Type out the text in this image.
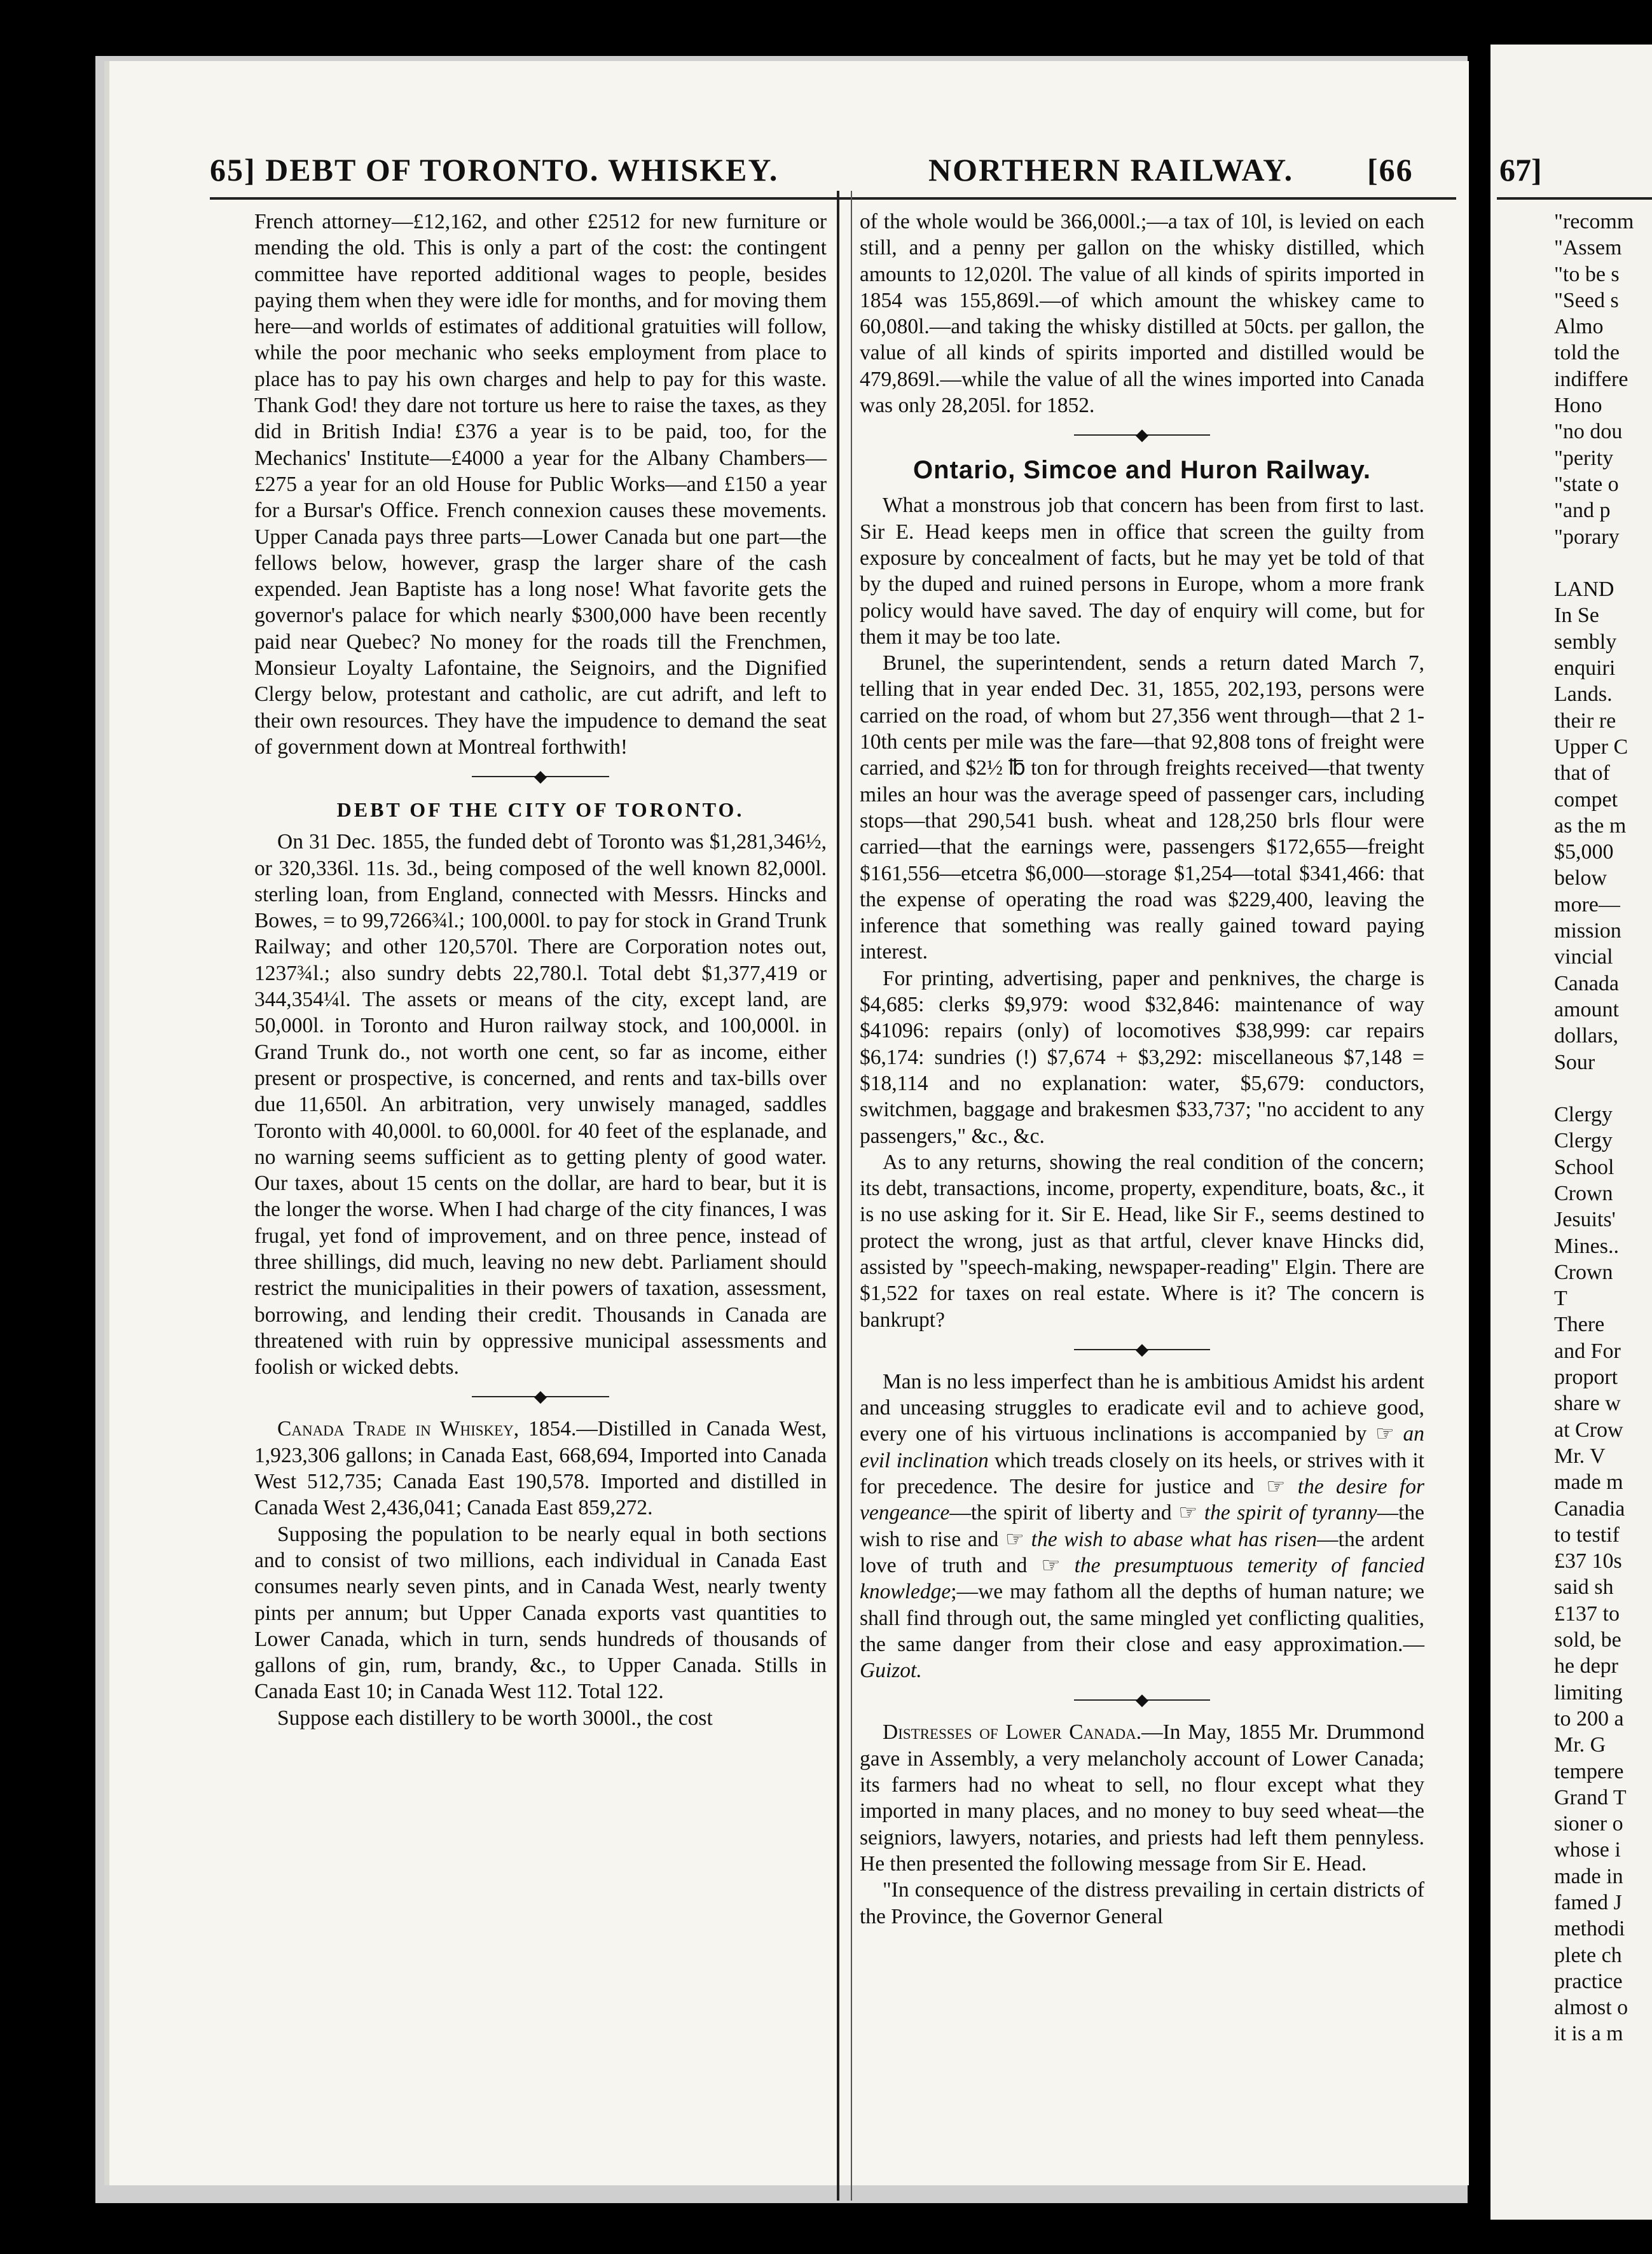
65] DEBT OF TORONTO. WHISKEY.	NORTHERN RAILWAY. [66

French attorney—£12,162, and other £2512 for new furniture or mending the old. This is only a part of the cost: the contingent committee have reported additional wages to people, besides paying them when they were idle for months, and for moving them here—and worlds of estimates of additional gratuities will follow, while the poor mechanic who seeks employment from place to place has to pay his own charges and help to pay for this waste. Thank God! they dare not torture us here to raise the taxes, as they did in British India! £376 a year is to be paid, too, for the Mechanics' Institute—£4000 a year for the Albany Chambers—£275 a year for an old House for Public Works—and £150 a year for a Bursar's Office. French connexion causes these movements. Upper Canada pays three parts—Lower Canada but one part—the fellows below, however, grasp the larger share of the cash expended. Jean Baptiste has a long nose! What favorite gets the governor's palace for which nearly $300,000 have been recently paid near Quebec? No money for the roads till the Frenchmen, Monsieur Loyalty Lafontaine, the Seignoirs, and the Dignified Clergy below, protestant and catholic, are cut adrift, and left to their own resources. They have the impudence to demand the seat of government down at Montreal forthwith!

◆
DEBT OF THE CITY OF TORONTO.

On 31 Dec. 1855, the funded debt of Toronto was $1,281,346½, or 320,336l. 11s. 3d., being composed of the well known 82,000l. sterling loan, from England, connected with Messrs. Hincks and Bowes, = to 99,7266¾l.; 100,000l. to pay for stock in Grand Trunk Railway; and other 120,570l. There are Corporation notes out, 1237¾l.; also sundry debts 22,780.l. Total debt $1,377,419 or 344,354¼l. The assets or means of the city, except land, are 50,000l. in Toronto and Huron railway stock, and 100,000l. in Grand Trunk do., not worth one cent, so far as income, either present or prospective, is concerned, and rents and tax-bills over due 11,650l. An arbitration, very unwisely managed, saddles Toronto with 40,000l. to 60,000l. for 40 feet of the esplanade, and no warning seems sufficient as to getting plenty of good water. Our taxes, about 15 cents on the dollar, are hard to bear, but it is the longer the worse. When I had charge of the city finances, I was frugal, yet fond of improvement, and on three pence, instead of three shillings, did much, leaving no new debt. Parliament should restrict the municipalities in their powers of taxation, assessment, borrowing, and lending their credit. Thousands in Canada are threatened with ruin by oppressive municipal assessments and foolish or wicked debts.

◆

Canada Trade in Whiskey, 1854.—Distilled in Canada West, 1,923,306 gallons; in Canada East, 668,694, Imported into Canada West 512,735; Canada East 190,578. Imported and distilled in Canada West 2,436,041; Canada East 859,272.

Supposing the population to be nearly equal in both sections and to consist of two millions, each individual in Canada East consumes nearly seven pints, and in Canada West, nearly twenty pints per annum; but Upper Canada exports vast quantities to Lower Canada, which in turn, sends hundreds of thousands of gallons of gin, rum, brandy, &c., to Upper Canada. Stills in Canada East 10; in Canada West 112. Total 122.

Suppose each distillery to be worth 3000l., the cost

of the whole would be 366,000l.;—a tax of 10l, is levied on each still, and a penny per gallon on the whisky distilled, which amounts to 12,020l. The value of all kinds of spirits imported in 1854 was 155,869l.—of which amount the whiskey came to 60,080l.—and taking the whisky distilled at 50cts. per gallon, the value of all kinds of spirits imported and distilled would be 479,869l.—while the value of all the wines imported into Canada was only 28,205l. for 1852.

◆
Ontario, Simcoe and Huron Railway.

What a monstrous job that concern has been from first to last. Sir E. Head keeps men in office that screen the guilty from exposure by concealment of facts, but he may yet be told of that by the duped and ruined persons in Europe, whom a more frank policy would have saved. The day of enquiry will come, but for them it may be too late.

Brunel, the superintendent, sends a return dated March 7, telling that in year ended Dec. 31, 1855, 202,193, persons were carried on the road, of whom but 27,356 went through—that 2 1-10th cents per mile was the fare—that 92,808 tons of freight were carried, and $2½ ℔ ton for through freights received—that twenty miles an hour was the average speed of passenger cars, including stops—that 290,541 bush. wheat and 128,250 brls flour were carried—that the earnings were, passengers $172,655—freight $161,556—etcetra $6,000—storage $1,254—total $341,466: that the expense of operating the road was $229,400, leaving the inference that something was really gained toward paying interest.

For printing, advertising, paper and penknives, the charge is $4,685: clerks $9,979: wood $32,846: maintenance of way $41096: repairs (only) of locomotives $38,999: car repairs $6,174: sundries (!) $7,674 + $3,292: miscellaneous $7,148 = $18,114 and no explanation: water, $5,679: conductors, switchmen, baggage and brakesmen $33,737; "no accident to any passengers," &c., &c.

As to any returns, showing the real condition of the concern; its debt, transactions, income, property, expenditure, boats, &c., it is no use asking for it. Sir E. Head, like Sir F., seems destined to protect the wrong, just as that artful, clever knave Hincks did, assisted by "speech-making, newspaper-reading" Elgin. There are $1,522 for taxes on real estate. Where is it? The concern is bankrupt?

◆

Man is no less imperfect than he is ambitious Amidst his ardent and unceasing struggles to eradicate evil and to achieve good, every one of his virtuous inclinations is accompanied by ☞ an evil inclination which treads closely on its heels, or strives with it for precedence. The desire for justice and ☞ the desire for vengeance—the spirit of liberty and ☞ the spirit of tyranny—the wish to rise and ☞ the wish to abase what has risen—the ardent love of truth and ☞ the presumptuous temerity of fancied knowledge;—we may fathom all the depths of human nature; we shall find through out, the same mingled yet conflicting qualities, the same danger from their close and easy approximation.—Guizot.

◆

Distresses of Lower Canada.—In May, 1855 Mr. Drummond gave in Assembly, a very melancholy account of Lower Canada; its farmers had no wheat to sell, no flour except what they imported in many places, and no money to buy seed wheat—the seigniors, lawyers, notaries, and priests had left them pennyless. He then presented the following message from Sir E. Head.

"In consequence of the distress prevailing in certain districts of the Province, the Governor General

67]
"recomm
"Assem
"to be s
"Seed s
Almo
told the
indiffere
Hono
"no dou
"perity
"state o
"and p
"porary

LAND
In Se
sembly
enquiri
Lands.
their re
Upper C
that of
compet
as the m
$5,000
below
more—
mission
vincial
Canada
amount
dollars,
Sour

Clergy
Clergy
School
Crown
Jesuits'
Mines..
Crown
T
There
and For
proport
share w
at Crow
Mr. V
made m
Canadia
to testif
£37 10s
said sh
£137 to
sold, be
he depr
limiting
to 200 a
Mr. G
tempere
Grand T
sioner o
whose i
made in
famed J
methodi
plete ch
practice
almost o
it is a m
